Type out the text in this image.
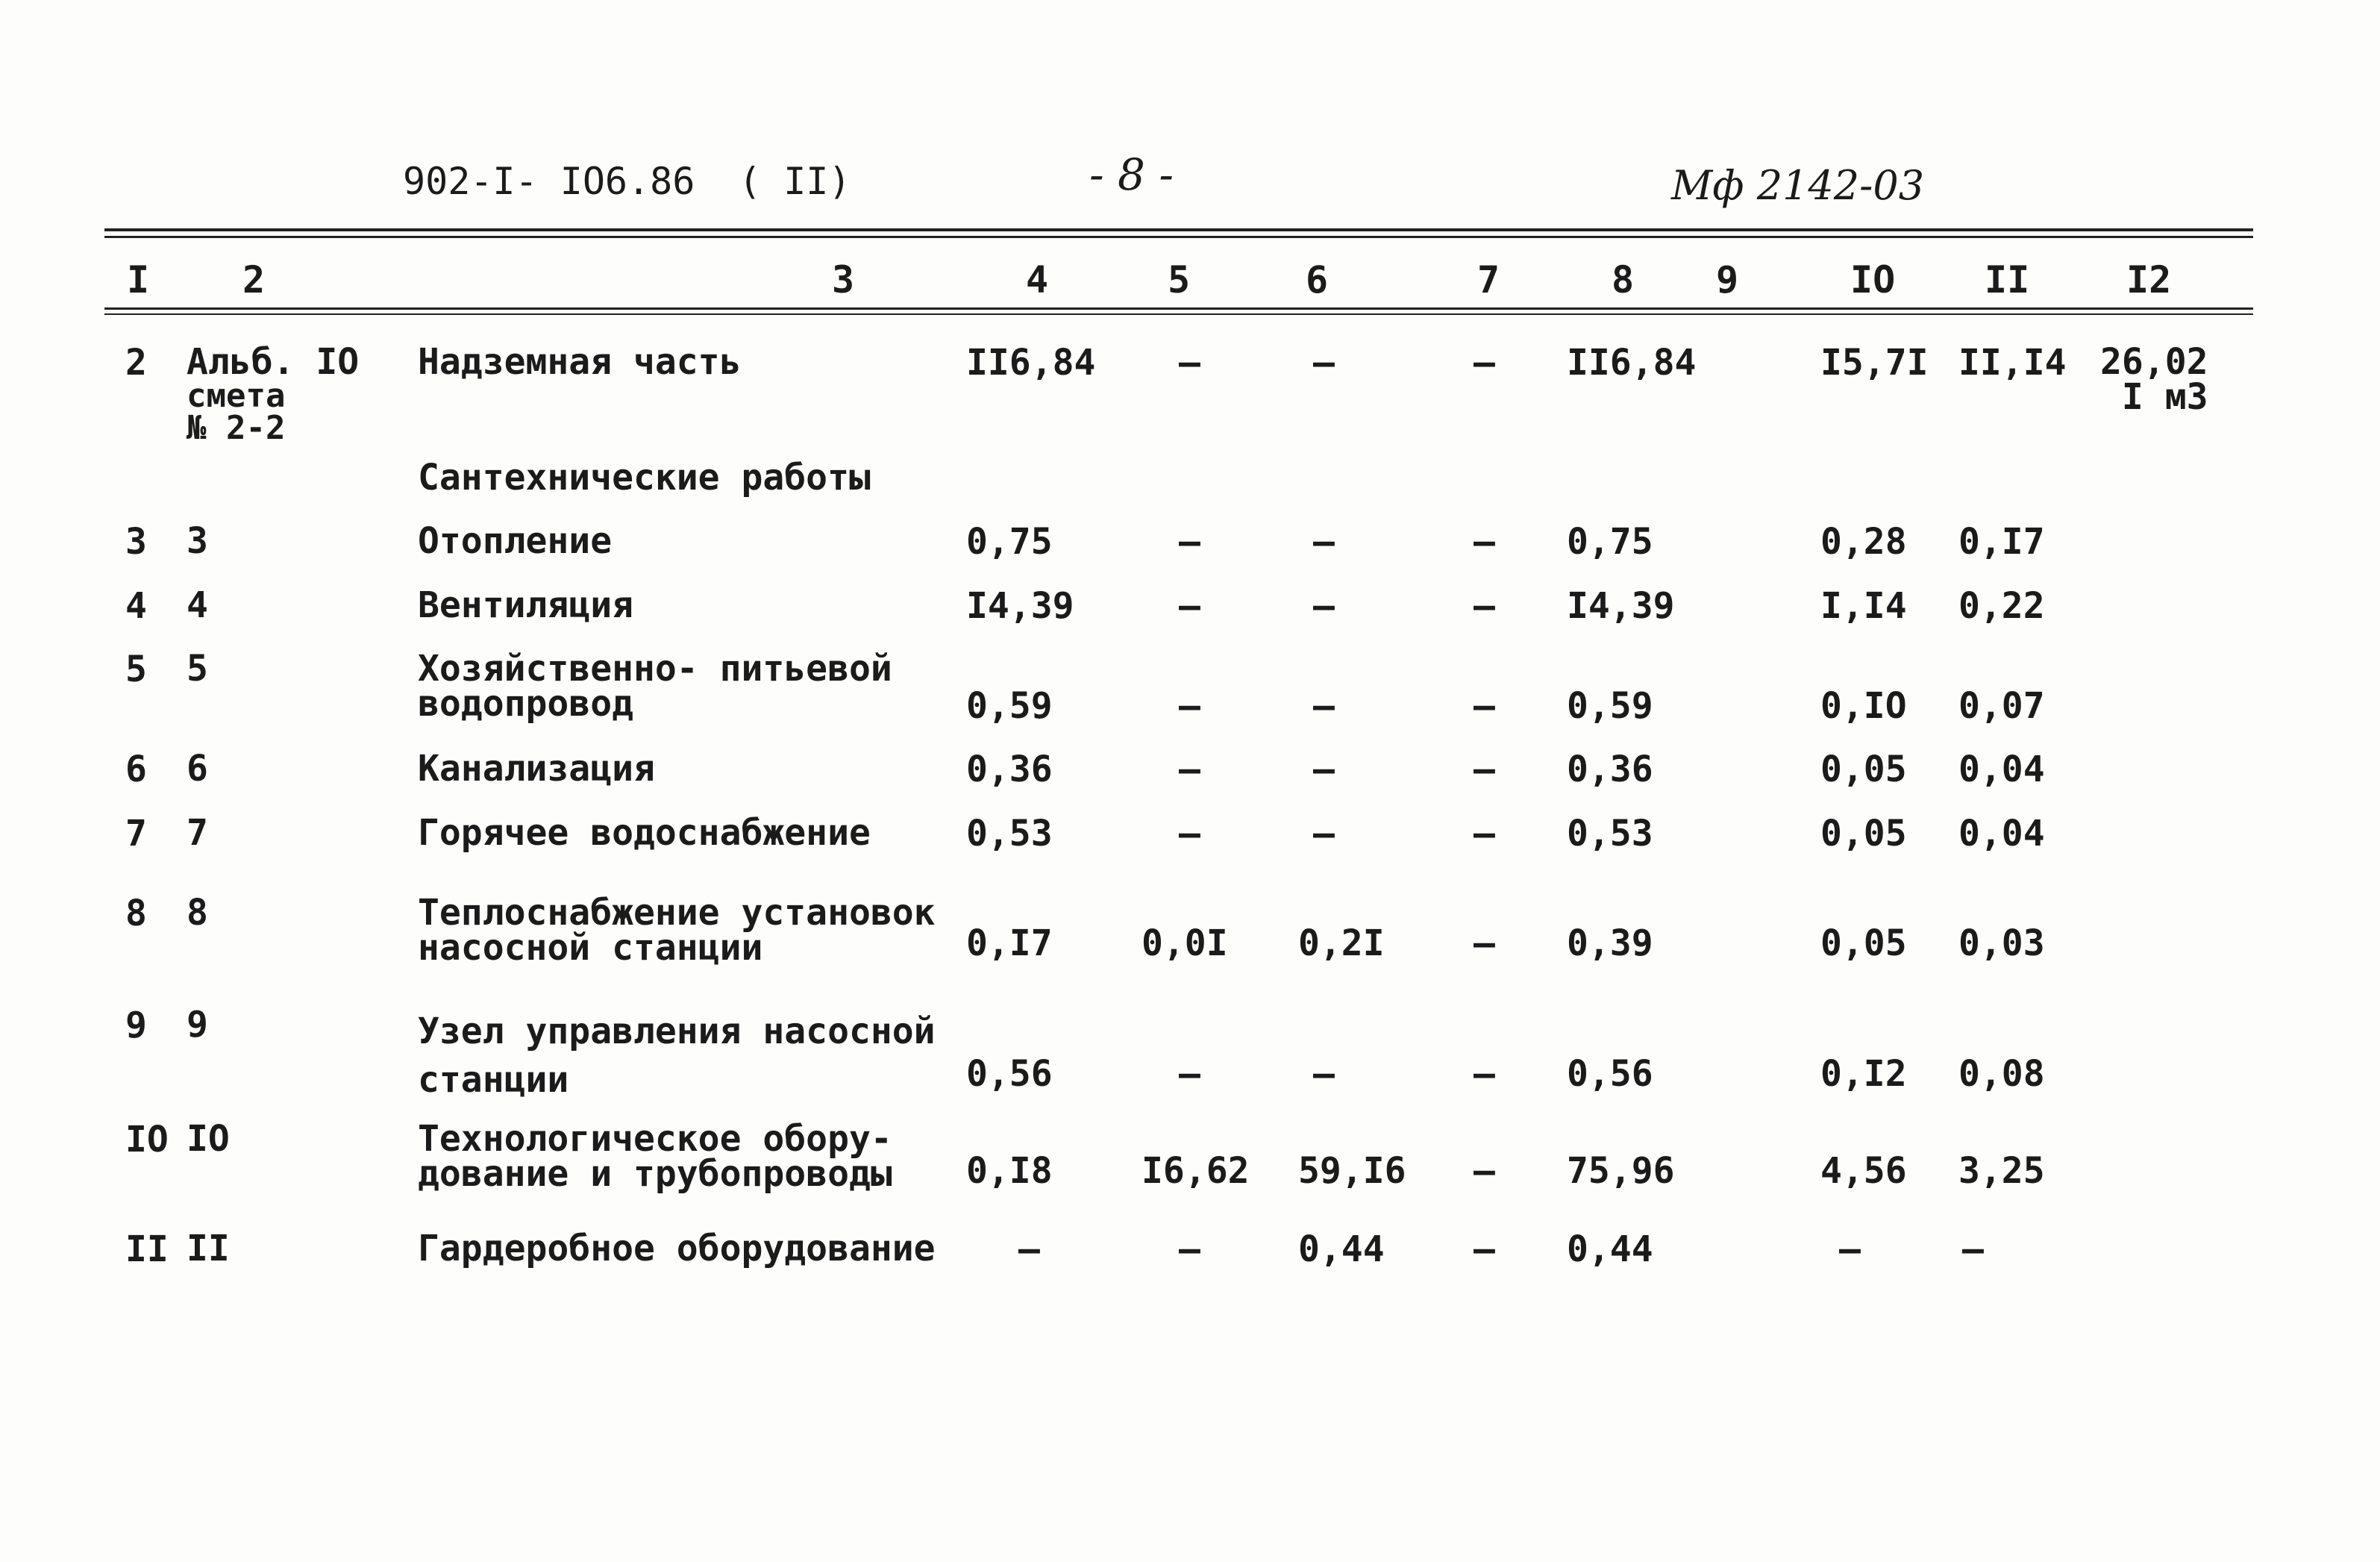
902-I- IO6.86 ( II)	- 8 -	Мф 2142-03
I 2	3	4	5	6	7	8 9	IO II	I2
2 Альб. IO
смета
№ 2-2
Надземная часть	II6,84 –	–	– II6,84	I5,7I II,I4 26,02
I м3
Сантехнические работы
3 3	Отопление	0,75	–	–	– 0,75	0,28 0,I7
4 4	Вентиляция	I4,39	–	–	– I4,39	I,I4 0,22
5 5	Хозяйственно- питьевой
водопровод	0,59	–	–	– 0,59	0,IO 0,07
6 6	Канализация	0,36	–	–	– 0,36	0,05 0,04
7 7	Горячее водоснабжение	0,53	–	–	– 0,53	0,05 0,04
8 8	Теплоснабжение установок
насосной станции	0,I7 0,0I 0,2I – 0,39	0,05 0,03
9 9	Узел управления насосной
станции	0,56	–	–	– 0,56	0,I2 0,08
IO IO	Технологическое обору-
дование и трубопроводы 0,I8 I6,62 59,I6 – 75,96	4,56 3,25
II II	Гардеробное оборудование –	–	0,44 – 0,44	–	–
